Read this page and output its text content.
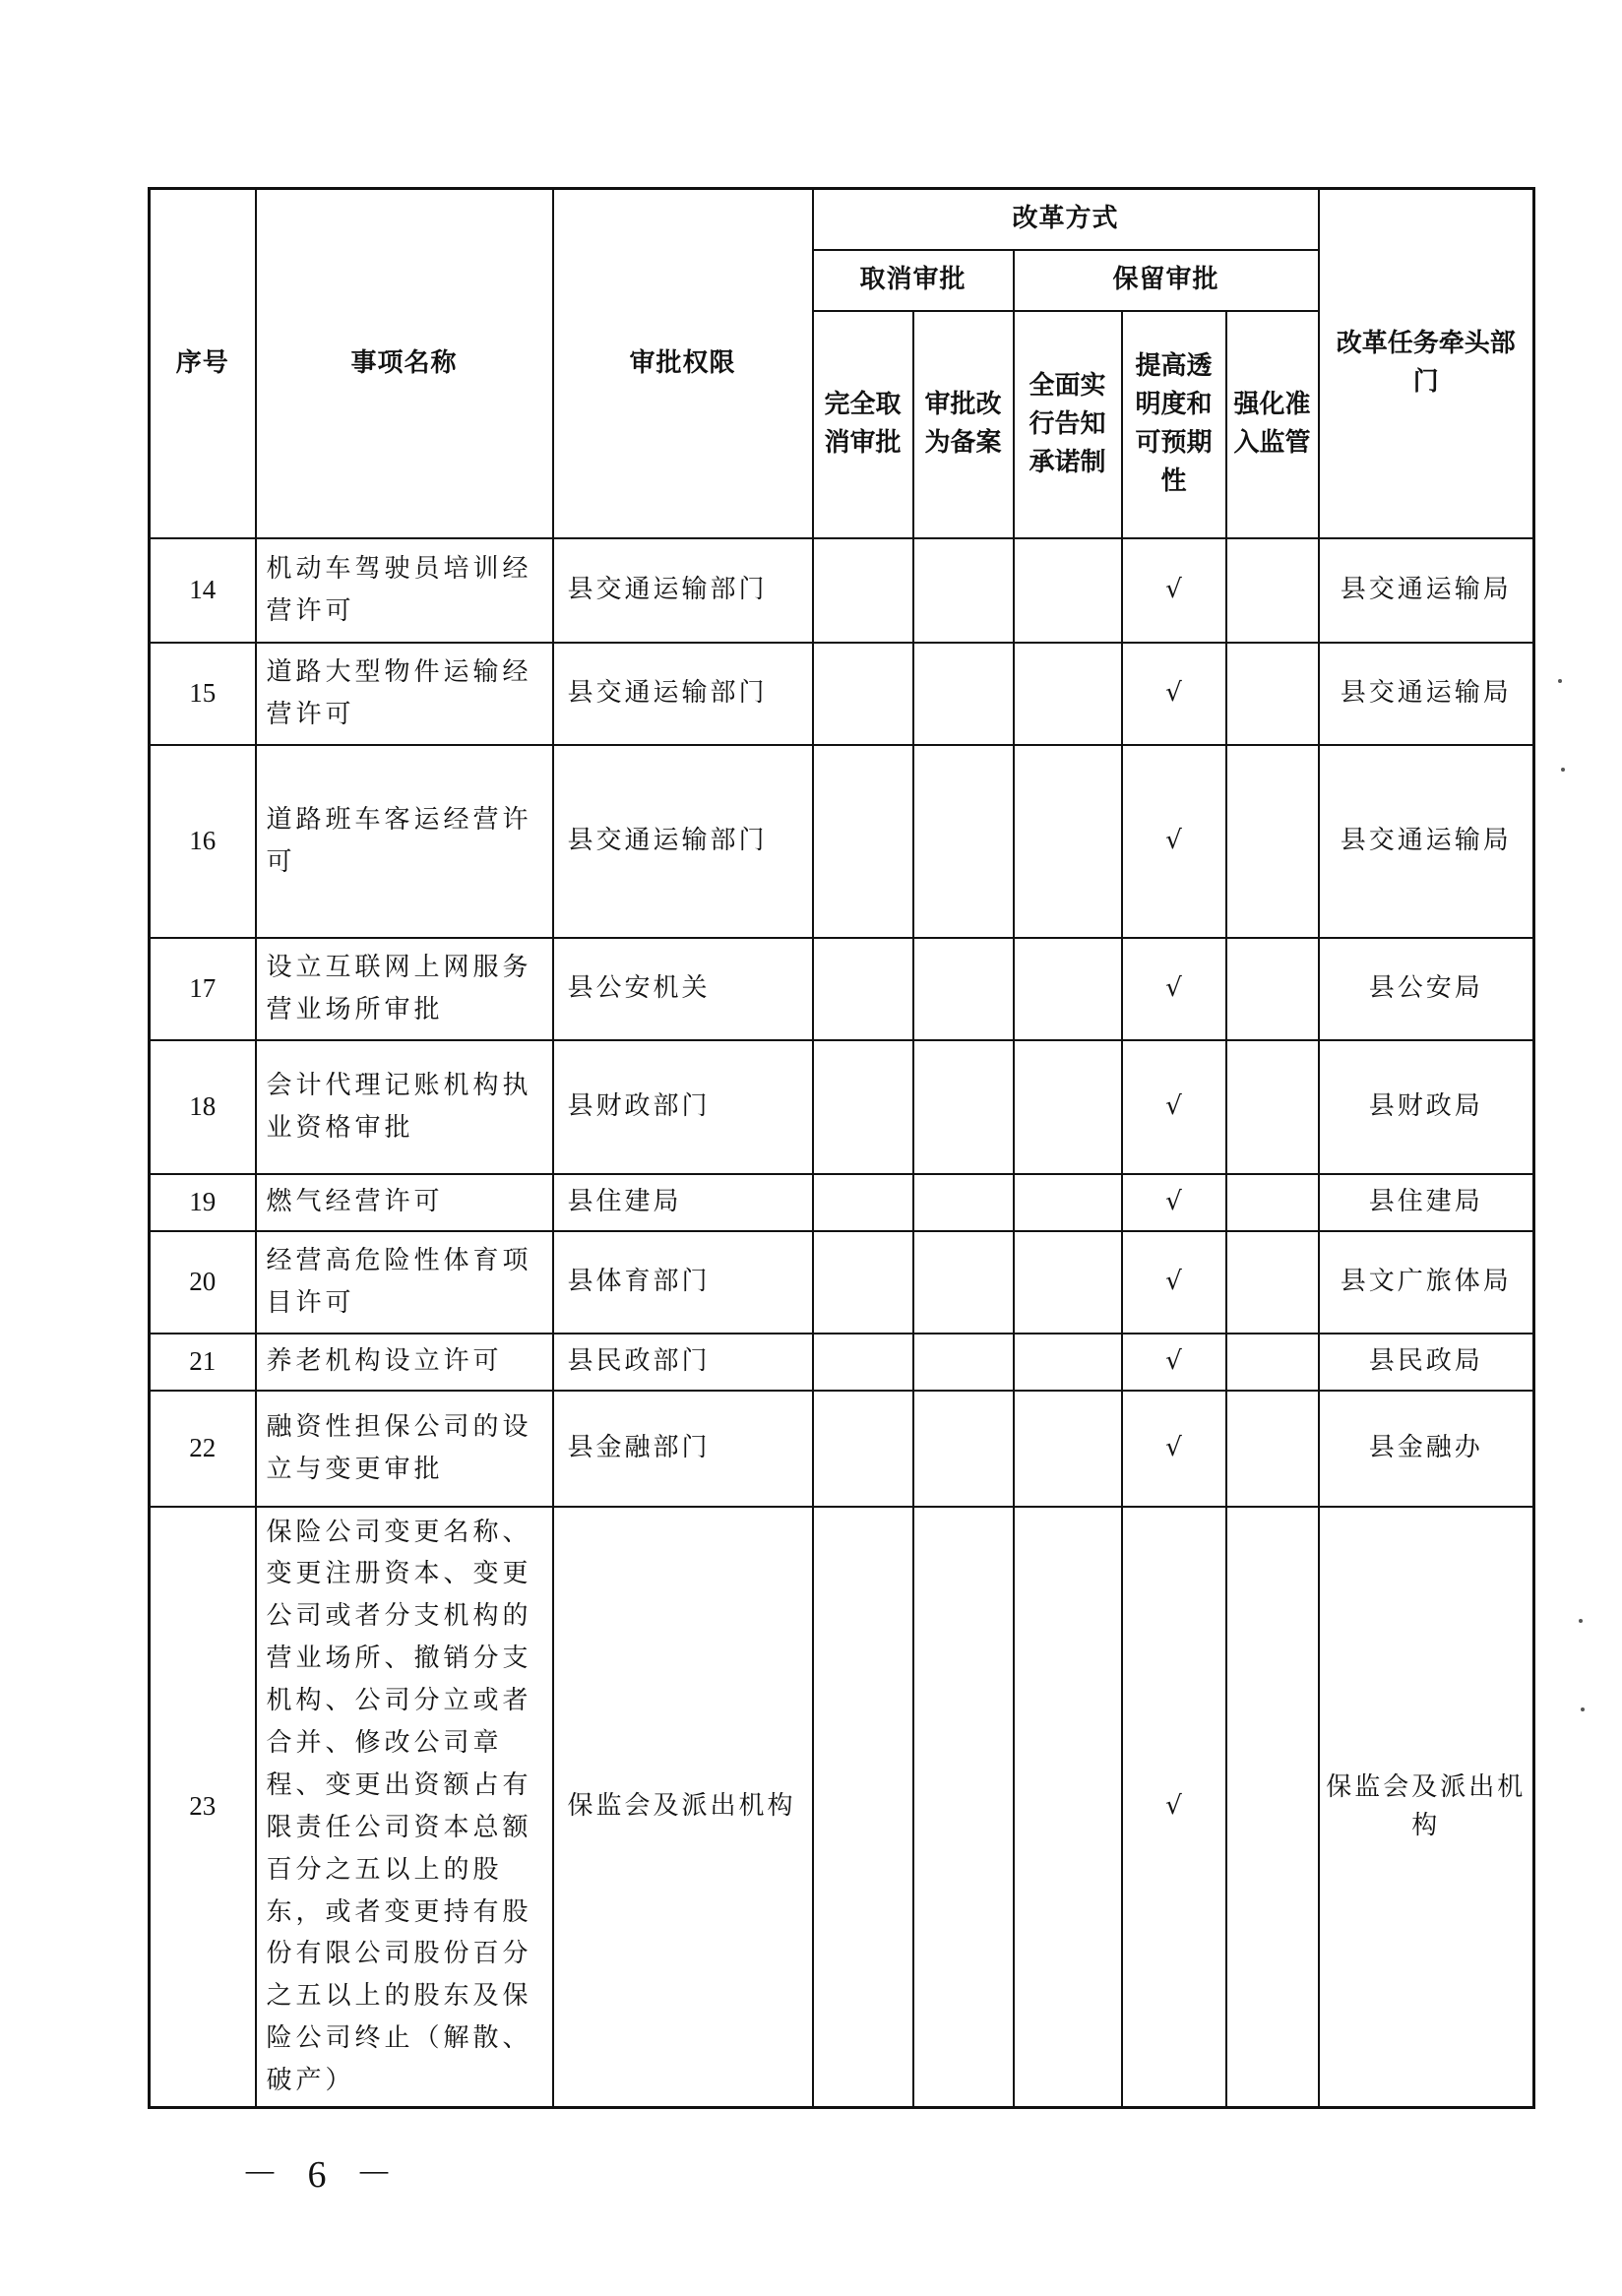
序号	事项名称	审批权限	改革方式					改革任务牵头部门
			取消审批		保留审批			
			完全取消审批	审批改为备案	全面实行告知承诺制	提高透明度和可预期性	强化准入监管	
14	机动车驾驶员培训经营许可	县交通运输部门				√		县交通运输局
15	道路大型物件运输经营许可	县交通运输部门				√		县交通运输局
16	道路班车客运经营许可	县交通运输部门				√		县交通运输局
17	设立互联网上网服务营业场所审批	县公安机关				√		县公安局
18	会计代理记账机构执业资格审批	县财政部门				√		县财政局
19	燃气经营许可	县住建局				√		县住建局
20	经营高危险性体育项目许可	县体育部门				√		县文广旅体局
21	养老机构设立许可	县民政部门				√		县民政局
22	融资性担保公司的设立与变更审批	县金融部门				√		县金融办
23	保险公司变更名称、变更注册资本、变更公司或者分支机构的营业场所、撤销分支机构、公司分立或者合并、修改公司章程、变更出资额占有限责任公司资本总额百分之五以上的股东，或者变更持有股份有限公司股份百分之五以上的股东及保险公司终止（解散、破产）	保监会及派出机构				√		保监会及派出机构
－ 6 －
